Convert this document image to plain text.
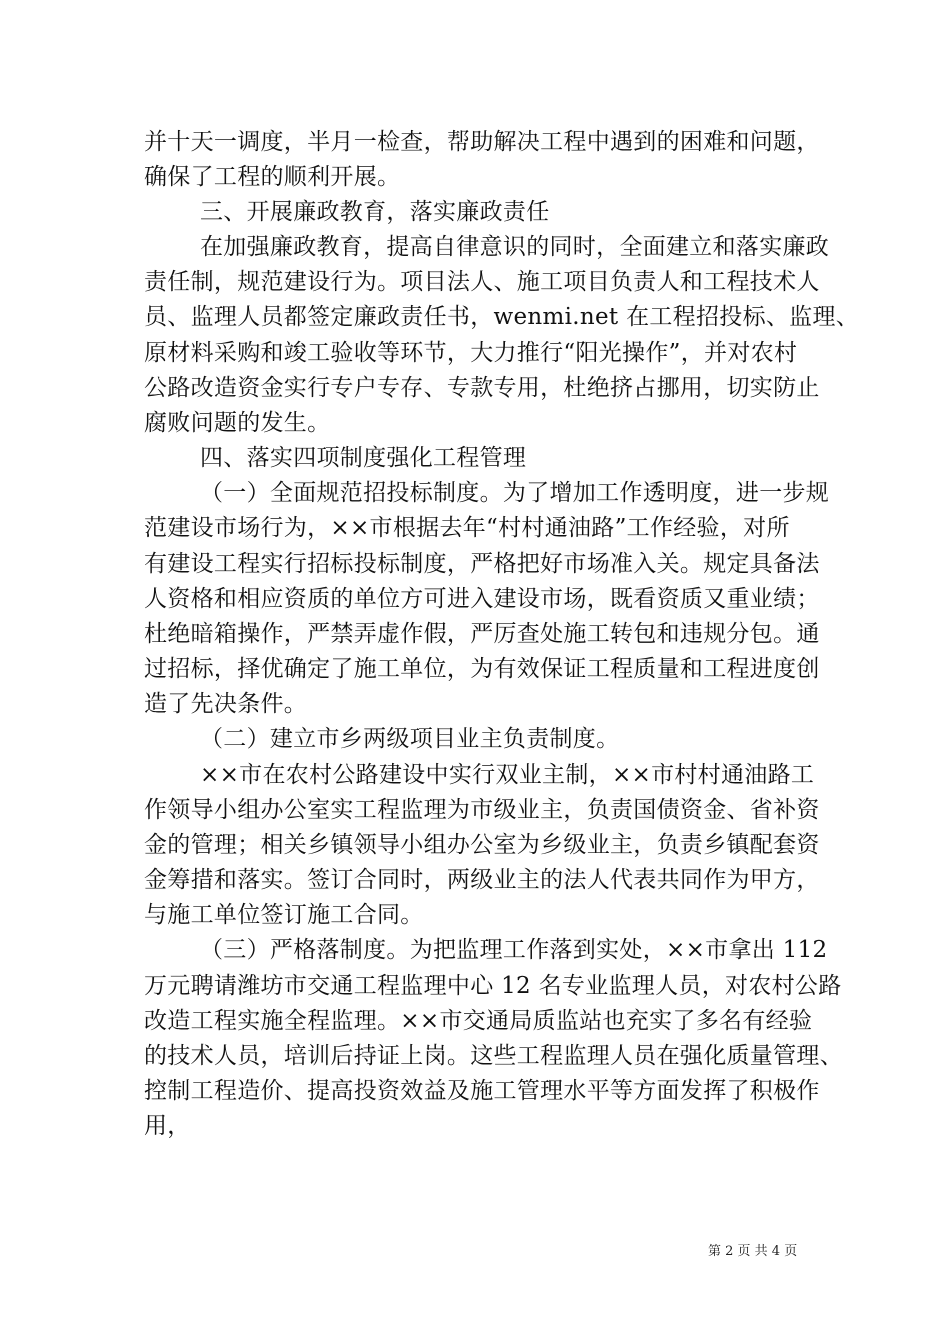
并十天一调度，半月一检查，帮助解决工程中遇到的困难和问题，
确保了工程的顺利开展。
三、开展廉政教育，落实廉政责任
在加强廉政教育，提高自律意识的同时，全面建立和落实廉政
责任制，规范建设行为。项目法人、施工项目负责人和工程技术人
员、监理人员都签定廉政责任书，wenmi.net 在工程招投标、监理、
原材料采购和竣工验收等环节，大力推行“阳光操作”，并对农村
公路改造资金实行专户专存、专款专用，杜绝挤占挪用，切实防止
腐败问题的发生。
四、落实四项制度强化工程管理
（一）全面规范招投标制度。为了增加工作透明度，进一步规
范建设市场行为，××市根据去年“村村通油路”工作经验，对所
有建设工程实行招标投标制度，严格把好市场准入关。规定具备法
人资格和相应资质的单位方可进入建设市场，既看资质又重业绩；
杜绝暗箱操作，严禁弄虚作假，严厉查处施工转包和违规分包。通
过招标，择优确定了施工单位，为有效保证工程质量和工程进度创
造了先决条件。
（二）建立市乡两级项目业主负责制度。
××市在农村公路建设中实行双业主制，××市村村通油路工
作领导小组办公室实工程监理为市级业主，负责国债资金、省补资
金的管理；相关乡镇领导小组办公室为乡级业主，负责乡镇配套资
金筹措和落实。签订合同时，两级业主的法人代表共同作为甲方，
与施工单位签订施工合同。
（三）严格落制度。为把监理工作落到实处，××市拿出 112
万元聘请潍坊市交通工程监理中心 12 名专业监理人员，对农村公路
改造工程实施全程监理。××市交通局质监站也充实了多名有经验
的技术人员，培训后持证上岗。这些工程监理人员在强化质量管理、
控制工程造价、提高投资效益及施工管理水平等方面发挥了积极作
用，
第 2 页 共 4 页
